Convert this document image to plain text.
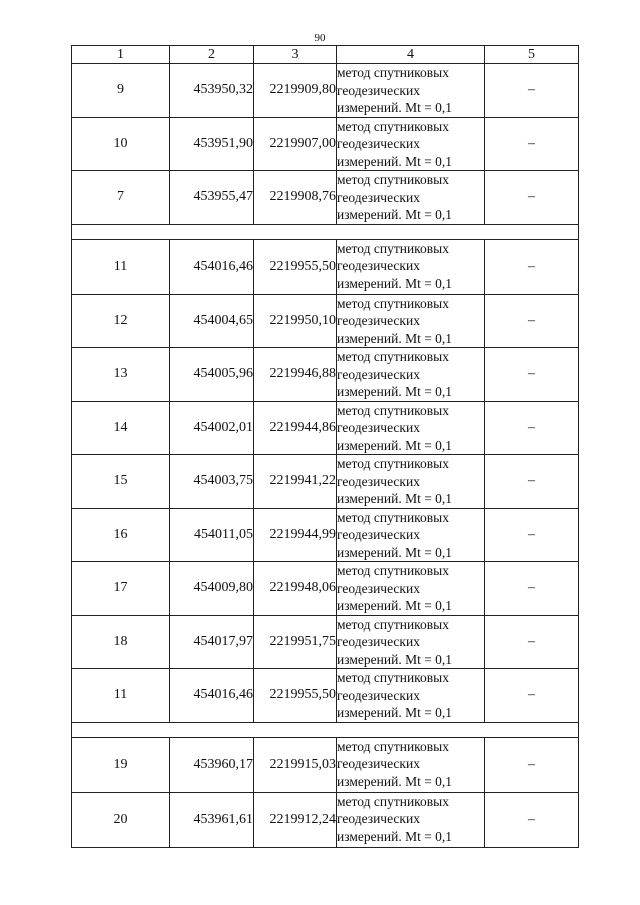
90
1	2	3	4	5
9	453950,32	2219909,80	метод спутниковых геодезических измерений. Mt = 0,1	–
10	453951,90	2219907,00	метод спутниковых геодезических измерений. Mt = 0,1	–
7	453955,47	2219908,76	метод спутниковых геодезических измерений. Mt = 0,1	–

11	454016,46	2219955,50	метод спутниковых геодезических измерений. Mt = 0,1	–
12	454004,65	2219950,10	метод спутниковых геодезических измерений. Mt = 0,1	–
13	454005,96	2219946,88	метод спутниковых геодезических измерений. Mt = 0,1	–
14	454002,01	2219944,86	метод спутниковых геодезических измерений. Mt = 0,1	–
15	454003,75	2219941,22	метод спутниковых геодезических измерений. Mt = 0,1	–
16	454011,05	2219944,99	метод спутниковых геодезических измерений. Mt = 0,1	–
17	454009,80	2219948,06	метод спутниковых геодезических измерений. Mt = 0,1	–
18	454017,97	2219951,75	метод спутниковых геодезических измерений. Mt = 0,1	–
11	454016,46	2219955,50	метод спутниковых геодезических измерений. Mt = 0,1	–

19	453960,17	2219915,03	метод спутниковых геодезических измерений. Mt = 0,1	–
20	453961,61	2219912,24	метод спутниковых геодезических измерений. Mt = 0,1	–
